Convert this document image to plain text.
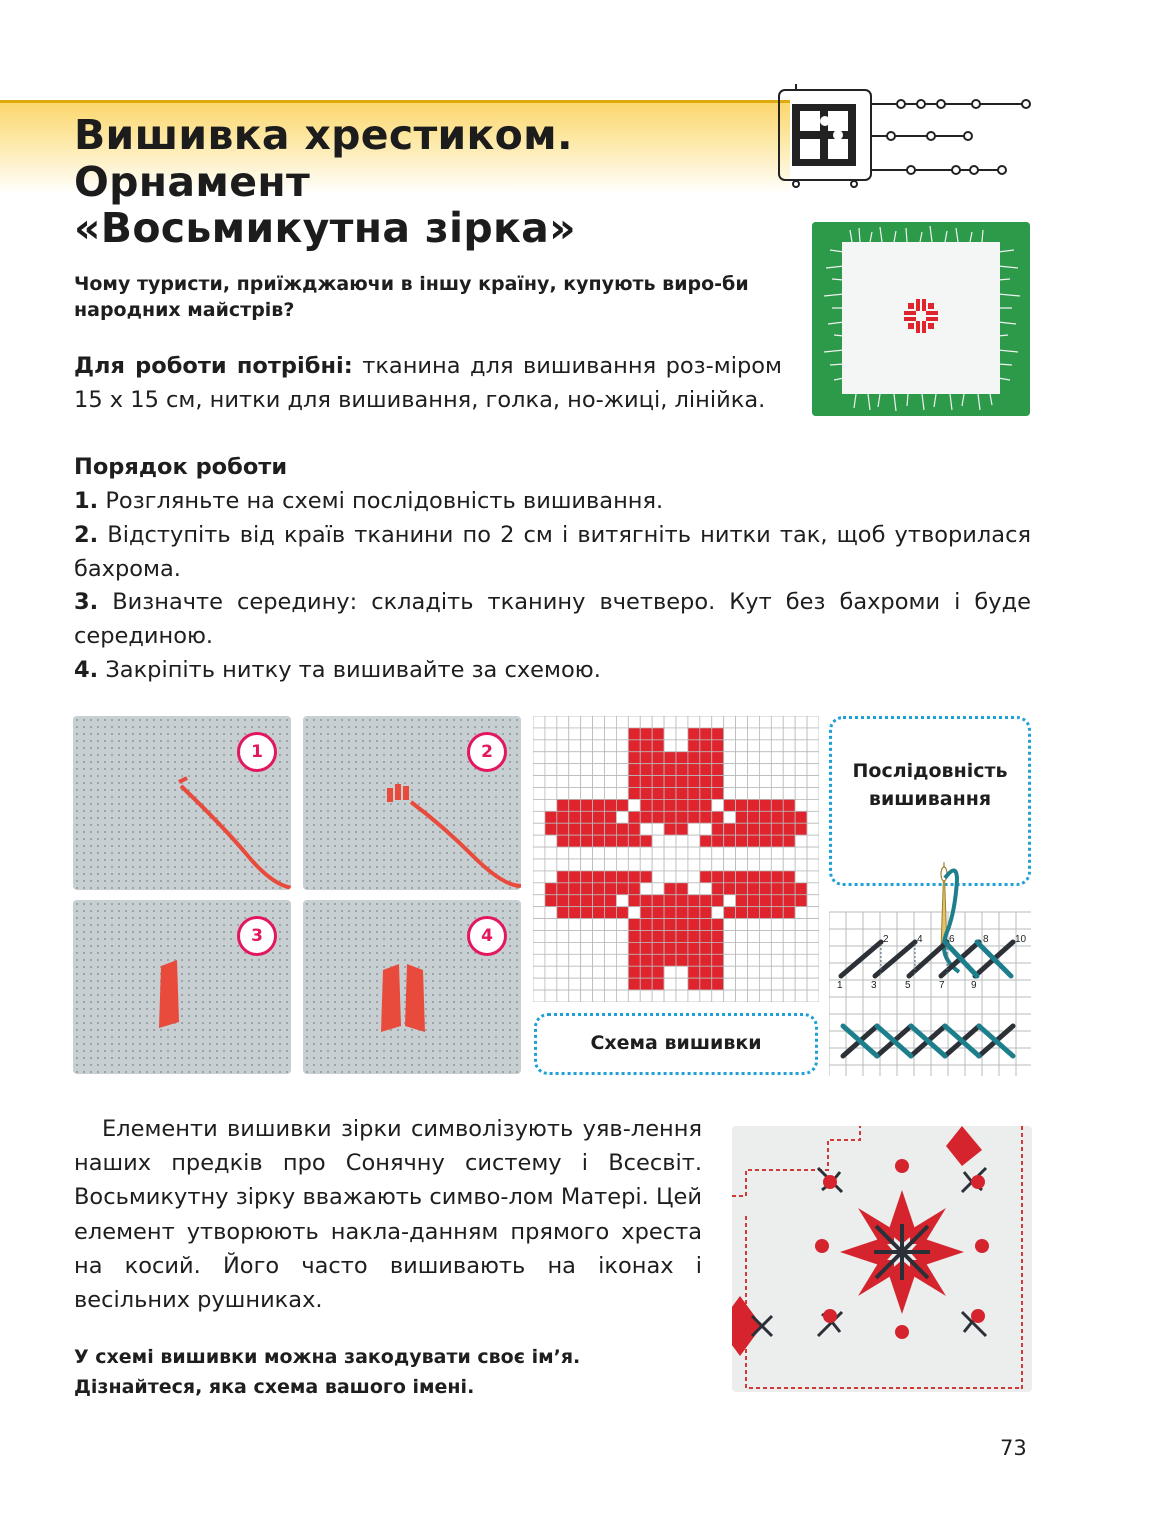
Вишивка хрестиком.
Орнамент
«Восьмикутна зірка»
Чому туристи, приїжджаючи в іншу країну, купують виро-би народних майстрів?
Для роботи потрібні: тканина для вишивання роз-міром 15 х 15 см, нитки для вишивання, голка, но-жиці, лінійка.
Порядок роботи
1. Розгляньте на схемі послідовність вишивання.
2. Відступіть від країв тканини по 2 см і витягніть нитки так, щоб утворилася бахрома.
3. Визначте середину: складіть тканину вчетверо. Кут без бахроми і буде серединою.
4. Закріпіть нитку та вишивайте за схемою.
1	2
3	4
Схема вишивки
Послідовність вишивання
1
2
3
4
5
6
7
8
9
10
Елементи вишивки зірки символізують уяв-лення наших предків про Сонячну систему і Всесвіт. Восьмикутну зірку вважають симво-лом Матері. Цей елемент утворюють накла-данням прямого хреста на косий. Його часто вишивають на іконах і весільних рушниках.
У схемі вишивки можна закодувати своє ім’я. Дізнайтеся, яка схема вашого імені.
73
